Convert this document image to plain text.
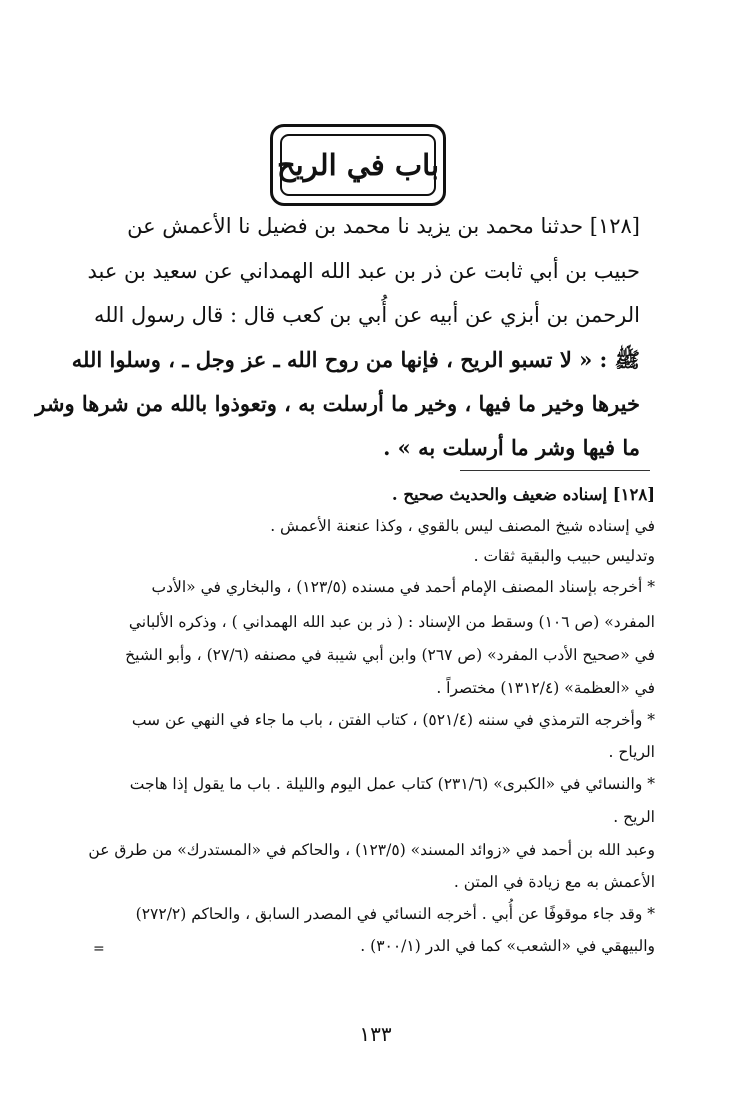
باب في الريح
[١٢٨] حدثنا محمد بن يزيد نا محمد بن فضيل نا الأعمش عن
حبيب بن أبي ثابت عن ذر بن عبد الله الهمداني عن سعيد بن عبد
الرحمن بن أبزي عن أبيه عن أُبي بن كعب قال : قال رسول الله
ﷺ : « لا تسبو الريح ، فإنها من روح الله ـ عز وجل ـ ، وسلوا الله
خيرها وخير ما فيها ، وخير ما أرسلت به ، وتعوذوا بالله من شرها وشر
ما فيها وشر ما أرسلت به » .
[١٢٨] إسناده ضعيف والحديث صحيح .
في إسناده شيخ المصنف ليس بالقوي ، وكذا عنعنة الأعمش .
وتدليس حبيب والبقية ثقات .
* أخرجه بإسناد المصنف الإمام أحمد في مسنده (١٢٣/٥) ، والبخاري في «الأدب
المفرد» (ص ١٠٦) وسقط من الإسناد : ( ذر بن عبد الله الهمداني ) ، وذكره الألباني
في «صحيح الأدب المفرد» (ص ٢٦٧) وابن أبي شيبة في مصنفه (٢٧/٦) ، وأبو الشيخ
في «العظمة» (١٣١٢/٤) مختصراً .
* وأخرجه الترمذي في سننه (٥٢١/٤) ، كتاب الفتن ، باب ما جاء في النهي عن سب
الرياح .
* والنسائي في «الكبرى» (٢٣١/٦) كتاب عمل اليوم والليلة . باب ما يقول إذا هاجت
الريح .
وعبد الله بن أحمد في «زوائد المسند» (١٢٣/٥) ، والحاكم في «المستدرك» من طرق عن
الأعمش به مع زيادة في المتن .
* وقد جاء موقوفًا عن أُبي . أخرجه النسائي في المصدر السابق ، والحاكم (٢٧٢/٢)
والبيهقي في «الشعب» كما في الدر (٣٠٠/١) .
=
١٣٣
